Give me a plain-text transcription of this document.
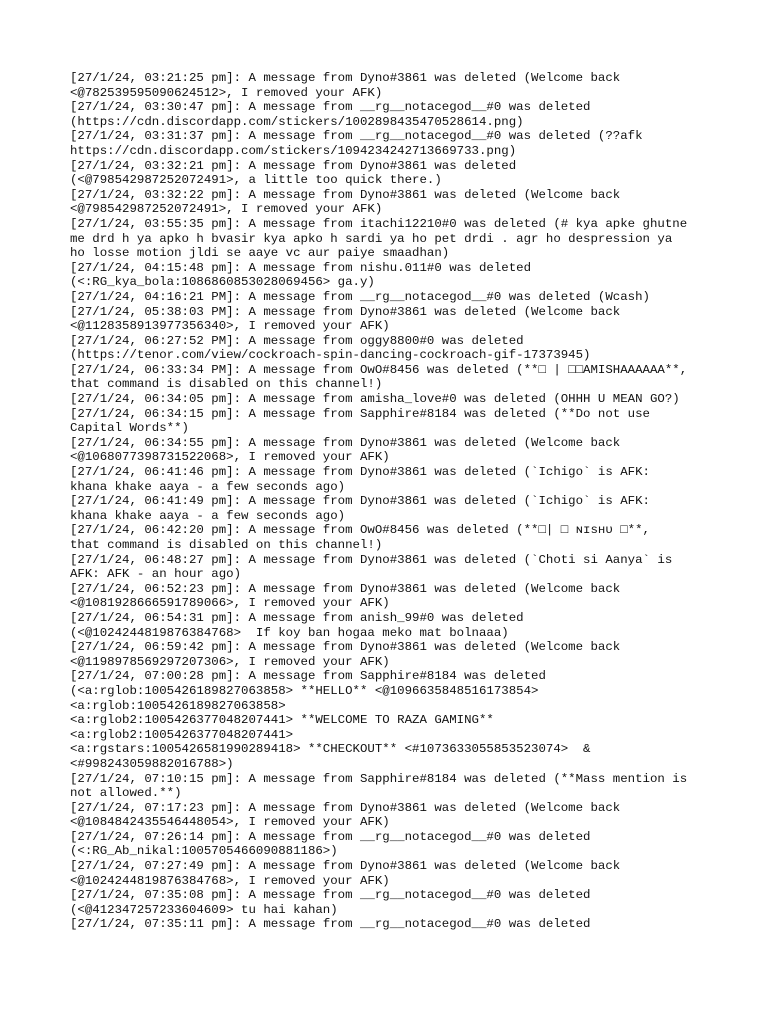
[27/1/24, 03:21:25 pm]: A message from Dyno#3861 was deleted (Welcome back

<@782539595090624512>, I removed your AFK)

[27/1/24, 03:30:47 pm]: A message from __rg__notacegod__#0 was deleted

(https://cdn.discordapp.com/stickers/1002898435470528614.png)

[27/1/24, 03:31:37 pm]: A message from __rg__notacegod__#0 was deleted (??afk

https://cdn.discordapp.com/stickers/1094234242713669733.png)

[27/1/24, 03:32:21 pm]: A message from Dyno#3861 was deleted

(<@798542987252072491>, a little too quick there.)

[27/1/24, 03:32:22 pm]: A message from Dyno#3861 was deleted (Welcome back

<@798542987252072491>, I removed your AFK)

[27/1/24, 03:55:35 pm]: A message from itachi12210#0 was deleted (# kya apke ghutne

me drd h ya apko h bvasir kya apko h sardi ya ho pet drdi . agr ho despression ya

ho losse motion jldi se aaye vc aur paiye smaadhan)

[27/1/24, 04:15:48 pm]: A message from nishu.011#0 was deleted

(<:RG_kya_bola:1086860853028069456> ga.y)

[27/1/24, 04:16:21 PM]: A message from __rg__notacegod__#0 was deleted (Wcash)

[27/1/24, 05:38:03 PM]: A message from Dyno#3861 was deleted (Welcome back

<@1128358913977356340>, I removed your AFK)

[27/1/24, 06:27:52 PM]: A message from oggy8800#0 was deleted

(https://tenor.com/view/cockroach-spin-dancing-cockroach-gif-17373945)

[27/1/24, 06:33:34 PM]: A message from OwO#8456 was deleted (**□ | □□AMISHAAAAAA**,

that command is disabled on this channel!)

[27/1/24, 06:34:05 pm]: A message from amisha_love#0 was deleted (OHHH U MEAN GO?)

[27/1/24, 06:34:15 pm]: A message from Sapphire#8184 was deleted (**Do not use

Capital Words**)

[27/1/24, 06:34:55 pm]: A message from Dyno#3861 was deleted (Welcome back

<@1068077398731522068>, I removed your AFK)

[27/1/24, 06:41:46 pm]: A message from Dyno#3861 was deleted (`Ichigo` is AFK:

khana khake aaya - a few seconds ago)

[27/1/24, 06:41:49 pm]: A message from Dyno#3861 was deleted (`Ichigo` is AFK:

khana khake aaya - a few seconds ago)

[27/1/24, 06:42:20 pm]: A message from OwO#8456 was deleted (**□| □ ɴɪѕʜᴜ □**,

that command is disabled on this channel!)

[27/1/24, 06:48:27 pm]: A message from Dyno#3861 was deleted (`Choti si Aanya` is

AFK: AFK - an hour ago)

[27/1/24, 06:52:23 pm]: A message from Dyno#3861 was deleted (Welcome back

<@1081928666591789066>, I removed your AFK)

[27/1/24, 06:54:31 pm]: A message from anish_99#0 was deleted

(<@1024244819876384768>  If koy ban hogaa meko mat bolnaaa)

[27/1/24, 06:59:42 pm]: A message from Dyno#3861 was deleted (Welcome back

<@1198978569297207306>, I removed your AFK)

[27/1/24, 07:00:28 pm]: A message from Sapphire#8184 was deleted

(<a:rglob:1005426189827063858> **HELLO** <@1096635848516173854>

<a:rglob:1005426189827063858>

<a:rglob2:1005426377048207441> **WELCOME TO RAZA GAMING**

<a:rglob2:1005426377048207441>

<a:rgstars:1005426581990289418> **CHECKOUT** <#1073633055853523074>  &

<#998243059882016788>)

[27/1/24, 07:10:15 pm]: A message from Sapphire#8184 was deleted (**Mass mention is

not allowed.**)

[27/1/24, 07:17:23 pm]: A message from Dyno#3861 was deleted (Welcome back

<@1084842435546448054>, I removed your AFK)

[27/1/24, 07:26:14 pm]: A message from __rg__notacegod__#0 was deleted

(<:RG_Ab_nikal:1005705466090881186>)

[27/1/24, 07:27:49 pm]: A message from Dyno#3861 was deleted (Welcome back

<@1024244819876384768>, I removed your AFK)

[27/1/24, 07:35:08 pm]: A message from __rg__notacegod__#0 was deleted

(<@412347257233604609> tu hai kahan)

[27/1/24, 07:35:11 pm]: A message from __rg__notacegod__#0 was deleted
